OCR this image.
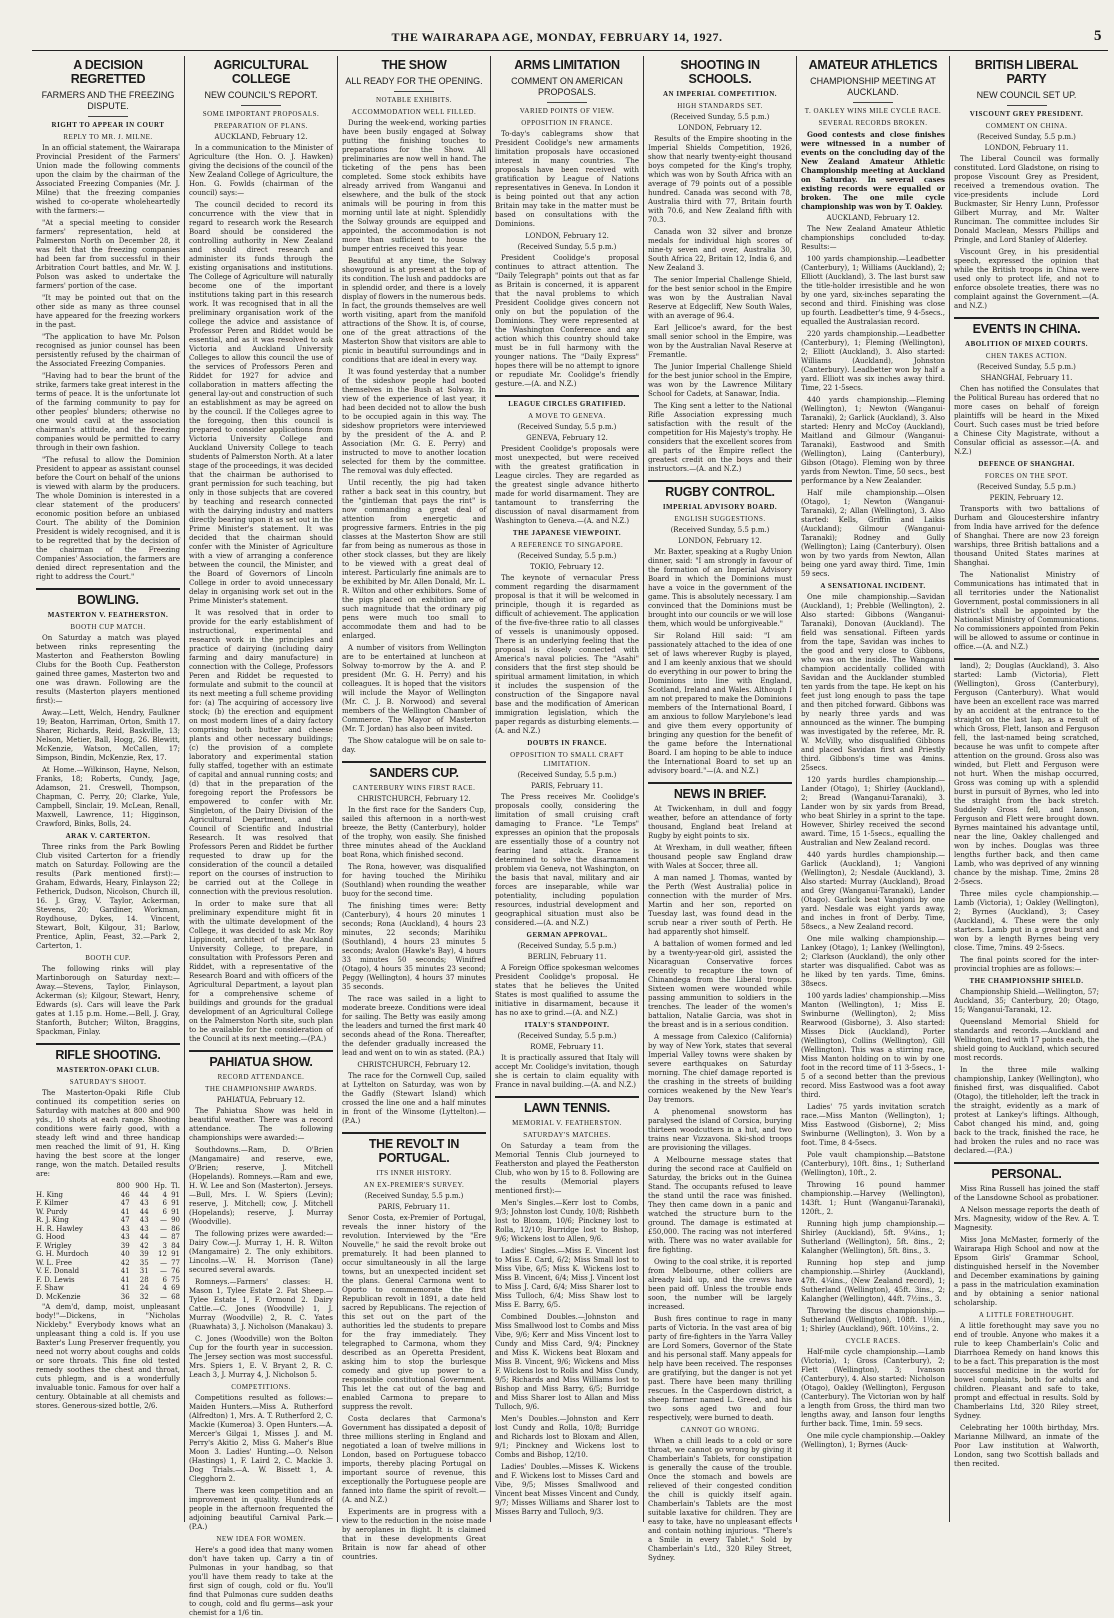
THE WAIRARAPA AGE, MONDAY, FEBRUARY 14, 1927.	5
A DECISION REGRETTED
FARMERS AND THE FREEZING DISPUTE.
RIGHT TO APPEAR IN COURT
REPLY TO MR. J. MILNE.

In an official statement, the Wairarapa Provincial President of the Farmers' Union made the following comments upon the claim by the chairman of the Associated Freezing Companies (Mr. J. Milne) that the freezing companies wished to co-operate wholeheartedly with the farmers:—

"At a special meeting to consider farmers' representation, held at Palmerston North on December 28, it was felt that the freezing companies had been far from successful in their Arbitration Court battles, and Mr. W. J. Polson was asked to undertake the farmers' portion of the case.

"It may be pointed out that on the other side as many as three counsel have appeared for the freezing workers in the past.

"The application to have Mr. Polson recognised as junior counsel has been persistently refused by the chairman of the Associated Freezing Companies.

"Having had to bear the brunt of the strike, farmers take great interest in the terms of peace. It is the unfortunate lot of the farming community to pay for other peoples' blunders; otherwise no one would cavil at the association chairman's attitude, and the freezing companies would be permitted to carry through in their own fashion.

"The refusal to allow the Dominion President to appear as assistant counsel before the Court on behalf of the unions is viewed with alarm by the producers. The whole Dominion is interested in a clear statement of the producers' economic position before an unbiased Court. The ability of the Dominion President is widely recognised, and it is to be regretted that by the decision of the chairman of the Freezing Companies' Association, the farmers are denied direct representation and the right to address the Court."

BOWLING.
MASTERTON V. FEATHERSTON.
BOOTH CUP MATCH.

On Saturday a match was played between rinks representing the Masterton and Featherston Bowling Clubs for the Booth Cup. Featherston gained three games, Masterton two and one was drawn. Following are the results (Masterton players mentioned first):—

Away.—Lett, Welch, Hendry, Faulkner 19; Beaton, Harriman, Orton, Smith 17. Sharer, Richards, Reid, Baskville, 13; Nelson, Metier, Ball, Hogg, 26. Blewitt, McKenzie, Watson, McCallen, 17; Simpson, Bindin, McKenzie, Rex, 17.

At Home.—Wilkinson, Hayne, Nelson, Franks, 18; Roberts, Cundy, Jage, Adamson, 21. Creswell, Thompson, Chapman, C. Perry, 20; Clarke, Yule, Campbell, Sinclair, 19. McLean, Renall, Maxwell, Lawrence, 11; Higginson, Crawford, Binks, Bolls, 24.

ARAK V. CARTERTON.

Three rinks from the Park Bowling Club visited Carterton for a friendly match on Saturday. Following are the results (Park mentioned first):— Graham, Edwards, Heary, Finlayson 22; Fetherick, Dudson, Nicolson, Church ill, 16. J. Gray, V. Taylor, Ackerman, Stevens, 20; Gardiner, Workman, Roydhouse, Dykes, 14. Vincent, Stewart, Bolt, Kilgour, 31; Barlow, Prentice, Aplin, Feast, 32.—Park 2, Carterton, 1.

BOOTH CUP.

The following rinks will play Martinborough on Saturday next:— Away.—Stevens, Taylor, Finlayson, Ackerman (s); Kilgour, Stewart, Henry, Edwards (s). Cars will leave the Park gates at 1.15 p.m. Home.—Bell, J. Gray, Stanforth, Butcher; Wilton, Braggins, Spackman, Finlay.

RIFLE SHOOTING.
MASTERTON-OPAKI CLUB.
SATURDAY'S SHOOT.

The Masterton-Opaki Rifle Club continued its competition series on Saturday with matches at 800 and 900 yds., 10 shots at each range. Shooting conditions were fairly good, with a steady left wind and three handicap men reached the limit of 91, H. King having the best score at the longer range, won the match. Detailed results are:

	800	900	Hp.	Tl.
H. King	46	44	4	91
F. Kilmer	47	43	6	91
W. Purdy	41	44	6	91
R. J. King	47	43	—	90
H. R. Hawley	43	43	—	86
G. Hood	43	44	—	87
F. Wrigley	39	42	3	84
G. H. Murdoch	40	39	12	91
W. L. Free	42	35	—	77
V. E. Donald	41	31	—	76
F. D. Lewis	41	28	6	75
F. Shaw	41	24	4	69
D. McKenzie	36	32	—	68

"A dem'd, damp, moist, unpleasant body!"—Dickens, in "Nicholas Nickleby." Everybody knows what an unpleasant thing a cold is. If you use Baxter's Lung Preserver frequently, you need not worry about coughs and colds or sore throats. This fine old tested remedy soothes the chest and throat, cuts phlegm, and is a wonderfully invaluable tonic. Famous for over half a century. Obtainable at all chemists and stores. Generous-sized bottle, 2/6.

AGRICULTURAL COLLEGE
NEW COUNCIL'S REPORT.
SOME IMPORTANT PROPOSALS.
PREPARATION OF PLANS.

AUCKLAND, February 12.

In a communication to the Minister of Agriculture (the Hon. O. J. Hawken) giving the decisions of the council of the New Zealand College of Agriculture, the Hon. G. Fowlds (chairman of the council) says:—

The council decided to record its concurrence with the view that in regard to research work the Research Board should be considered the controlling authority in New Zealand and should direct research and administer its funds through the existing organisations and institutions. The College of Agriculture will naturally become one of the important institutions taking part in this research work. It was recognised that in all the preliminary organisation work of the college the advice and assistance of Professor Peren and Riddet would be essential, and as it was resolved to ask Victoria and Auckland University Colleges to allow this council the use of the services of Professors Peren and Riddet for 1927 for advice and collaboration in matters affecting the general lay-out and construction of such an establishment as may be agreed on by the council. If the Colleges agree to the foregoing, then this council is prepared to consider applications from Victoria University College and Auckland University College to teach students of Palmerston North. At a later stage of the proceedings, it was decided that the chairman be authorised to grant permission for such teaching, but only in those subjects that are covered by teaching and research connected with the dairying industry and matters directly bearing upon it as set out in the Prime Minister's statement. It was decided that the chairman should confer with the Minister of Agriculture with a view of arranging a conference between the council, the Minister, and the Board of Governors of Lincoln College in order to avoid unnecessary delay in organising work set out in the Prime Minister's statement.

It was resolved that in order to provide for the early establishment of instructional, experimental and research work in the principles and practice of dairying (including dairy farming and dairy manufacture) in connection with the College, Professors Peren and Riddet be requested to formulate and submit to the council at its next meeting a full scheme providing for: (a) The acquiring of accessory live stock; (b) the erection and equipment on most modern lines of a dairy factory comprising both butter and cheese plants and other necessary buildings; (c) the provision of a complete laboratory and experimental station fully staffed, together with an estimate of capital and annual running costs; and (d) that in the preparation of the foregoing report the Professors be empowered to confer with Mr. Singleton, of the Dairy Division of the Agricultural Department, and the Council of Scientific and Industrial Research. It was resolved that Professors Peren and Riddet be further requested to draw up for the consideration of the council a detailed report on the courses of instruction to be carried out at the College in connection with the previous resolution.

In order to make sure that all preliminary expenditure might fit in with the ultimate development of the College, it was decided to ask Mr. Roy Lippincott, architect of the Auckland University College, to prepare, in consultation with Professors Peren and Riddet, with a representative of the Research Board and with officers of the Agricultural Department, a layout plan for a comprehensive scheme of buildings and grounds for the gradual development of an Agricultural College on the Palmerston North site, such plan to be available for the consideration of the Council at its next meeting.—(P.A.)

PAHIATUA SHOW.
RECORD ATTENDANCE.
THE CHAMPIONSHIP AWARDS.

PAHIATUA, February 12.

The Pahiatua Show was held in beautiful weather. There was a record attendance. The following championships were awarded:—

Southdowns.—Ram, D. O'Brien (Mangamaire) and reserve, ewe, O'Brien; reserve, J. Mitchell (Hopelands). Romneys.—Ram and ewe, H. W. Lee and Son (Masterton). Jerseys.—Bull, Mrs. I. W. Spiers (Levin); reserve, J. Mitchell; cow, J. Mitchell (Hopelands); reserve, J. Murray (Woodville).

The following prizes were awarded:— Dairy Cow.—J. Murray 1, H. R. Wilton (Mangamaire) 2. The only exhibitors. Lincolns.—W. H. Morrison (Tane) secured several awards.

Romneys.—Farmers' classes: H. Mason 1, Tylee Estate 2. Fat Sheep.—Tylee Estate 1, F. Ormond 2. Dairy Cattle.—C. Jones (Woodville) 1, J. Murray (Woodville) 2, R. C. Yates (Ruawhata) 3, J. Nicholson (Manakau) 3.

C. Jones (Woodville) won the Bolton Cup for the fourth year in succession. The Jersey section was most successful. Mrs. Spiers 1, E. V. Bryant 2, R. C. Leach 3, J. Murray 4, J. Nicholson 5.

COMPETITIONS.

Competitions resulted as follows:— Maiden Hunters.—Miss A. Rutherford (Alfredton) 1, Mrs. A. T. Rutherford 2, C. Mackie (Kumeroa) 3. Open Hunters.—A. Mercer's Gilgai 1, Misses J. and M. Perry's Akitio 2, Miss G. Maher's Blue Moon 3. Ladies' Hunting.—O. Nelson (Hastings) 1, F. Laird 2, C. Mackie 3. Dog Trials.—A. W. Bissett 1, A. Clegghorn 2.

There was keen competition and an improvement in quality. Hundreds of people in the afternoon frequented the adjoining beautiful Carnival Park.—(P.A.)

NEW IDEA FOR WOMEN.

Here's a good idea that many women don't have taken up. Carry a tin of Pulmonas in your handbag, so that you'll have them ready to take at the first sign of cough, cold or flu. You'll find that Pulmonas cure sudden deaths to cough, cold and flu germs—ask your chemist for a 1/6 tin.

THE SHOW
ALL READY FOR THE OPENING.
NOTABLE EXHIBITS.
ACCOMMODATION WELL FILLED.

During the week-end, working parties have been busily engaged at Solway putting the finishing touches to preparations for the Show. All preliminaries are now well in hand. The ticketing of the pens has been completed. Some stock exhibits have already arrived from Wanganui and elsewhere, and the bulk of the stock animals will be pouring in from this morning until late at night. Splendidly the Solway grounds are equipped and appointed, the accommodation is not more than sufficient to house the bumper entries received this year.

Beautiful at any time, the Solway showground is at present at the top of its condition. The lush and paddocks are in splendid order, and there is a lovely display of flowers in the numerous beds. In fact, the grounds themselves are well worth visiting, apart from the manifold attractions of the Show. It is, of course, one of the great attractions of the Masterton Show that visitors are able to picnic in beautiful surroundings and in conditions that are ideal in every way.

It was found yesterday that a number of the sideshow people had booted themselves in the Bush at Solway. In view of the experience of last year, it had been decided not to allow the bush to be occupied again in this way. The sideshow proprietors were interviewed by the president of the A. and P. Association (Mr. G. E. Perry) and instructed to move to another location selected for them by the committee. The removal was duly effected.

Until recently, the pig had taken rather a back seat in this country, but the "gintleman that pays the rint" is now commanding a great deal of attention from energetic and progressive farmers. Entries in the pig classes at the Masterton Show are still far from being as numerous as those in other stock classes, but they are likely to be viewed with a great deal of interest. Particularly fine animals are to be exhibited by Mr. Allen Donald, Mr. L. R. Wilton and other exhibitors. Some of the pigs placed on exhibition are of such magnitude that the ordinary pig pens were much too small to accommodate them and had to be enlarged.

A number of visitors from Wellington are to be entertained at luncheon at Solway to-morrow by the A. and P. president (Mr. G. H. Perry) and his colleagues. It is hoped that the visitors will include the Mayor of Wellington (Mr. C. J. B. Norwood) and several members of the Wellington Chamber of Commerce. The Mayor of Masterton (Mr. T. Jordan) has also been invited.

The Show catalogue will be on sale to-day.

SANDERS CUP.
CANTERBURY WINS FIRST RACE.

CHRISTCHURCH, February 12.

In the first race for the Sanders Cup, sailed this afternoon in a north-west breeze, the Betty (Canterbury), holder of the trophy, won easily. She finished three minutes ahead of the Auckland boat Rona, which finished second.

The Rona, however, was disqualified for having touched the Mirihiku (Southland) when rounding the weather buoy for the second time.

The finishing times were: Betty (Canterbury), 4 hours 20 minutes 1 seconds; Rona (Auckland), 4 hours 23 minutes, 22 seconds; Marihiku (Southland), 4 hours 23 minutes 5 seconds; Avalon (Hawke's Bay), 4 hours 33 minutes 50 seconds; Winifred (Otago), 4 hours 35 minutes 23 second; Peggy (Wellington), 4 hours 37 minutes 35 seconds.

The race was sailed in a light to moderate breeze. Conditions were ideal for sailing. The Betty was easily among the leaders and turned the first mark 40 seconds ahead of the Rona. Thereafter, the defender gradually increased the lead and went on to win as stated. (P.A.)

CHRISTCHURCH, February 12.

The race for the Cornwell Cup, sailed at Lyttelton on Saturday, was won by the Gadfly (Stewart Island) which crossed the line one and a half minutes in front of the Winsome (Lyttelton).—(P.A.)

THE REVOLT IN PORTUGAL.
ITS INNER HISTORY.
AN EX-PREMIER'S SURVEY.

(Received Sunday, 5.5 p.m.)

PARIS, February 11.

Senor Costa, ex-Premier of Portugal, reveals the inner history of the revolution. Interviewed by the "Ere Nouvelle," he said the revolt broke out prematurely. It had been planned to occur simultaneously in all the large towns, but an unexpected incident set the plans. General Carmona went to Oporto to commemorate the first Republican revolt in 1891, a date held sacred by Republicans. The rejection of this set out on the part of the authorities led the students to prepare for the fray immediately. They telegraphed to Carmona, whom they described as an Operetta President, asking him to stop the burlesque comedy and give up power to a responsible constitutional Government. This let the cat out of the bag and enabled Carmona to prepare to suppress the revolt.

Costa declares that Carmona's Government has dissipated a deposit of three millions sterling in England and negotiated a loan of twelve millions in London, based on Portuguese tobacco imports, thereby placing Portugal on important source of revenue, this exceptionally the Portuguese people are fanned into flame the spirit of revolt.—(A. and N.Z.)

Experiments are in progress with a view to the reduction in the noise made by aeroplanes in flight. It is claimed that in these developments Great Britain is now far ahead of other countries.

ARMS LIMITATION
COMMENT ON AMERICAN PROPOSALS.
VARIED POINTS OF VIEW.
OPPOSITION IN FRANCE.

To-day's cablegrams show that President Coolidge's new armaments limitation proposals have occasioned interest in many countries. The proposals have been received with gratification by League of Nations representatives in Geneva. In London it is being pointed out that any action Britain may take in the matter must be based on consultations with the Dominions.

LONDON, February 12.

(Received Sunday, 5.5 p.m.)

President Coolidge's proposal continues to attract attention. The "Daily Telegraph" points out that as far as Britain is concerned, it is apparent that the naval problems to which President Coolidge gives concern not only on but the population of the Dominions. They were represented at the Washington Conference and any action which this country should take must be in full harmony with the younger nations. The "Daily Express" hopes there will be no attempt to ignore or repudiate Mr. Coolidge's friendly gesture.—(A. and N.Z.)

LEAGUE CIRCLES GRATIFIED.
A MOVE TO GENEVA.

(Received Sunday, 5.5 p.m.)

GENEVA, February 12.

President Coolidge's proposals were most unexpected, but were received with the greatest gratification in League circles. They are regarded as the greatest single advance hitherto made for world disarmament. They are tantamount to transferring the discussion of naval disarmament from Washington to Geneva.—(A. and N.Z.)

THE JAPANESE VIEWPOINT.
A REFERENCE TO SINGAPORE.

(Received Sunday, 5.5 p.m.)

TOKIO, February 12.

The keynote of vernacular Press comment regarding the disarmament proposal is that it will be welcomed in principle, though it is regarded as difficult of achievement. The application of the five-five-three ratio to all classes of vessels is unanimously opposed. There is an underlying feeling that the proposal is closely connected with America's naval policies. The "Asahi" considers that the first step should be spiritual armament limitation, in which it includes the suspension of the construction of the Singapore naval base and the modification of American immigration legislation, which the paper regards as disturbing elements.—(A. and N.Z.)

DOUBTS IN FRANCE.
OPPOSITION TO SMALL CRAFT LIMITATION.

(Received Sunday, 5.5 p.m.)

PARIS, February 11.

The Press receives Mr. Coolidge's proposals coolly, considering the limitation of small cruising craft damaging to France. "Le Temps" expresses an opinion that the proposals are essentially those of a country not fearing land attack. France is determined to solve the disarmament problem via Geneva, not Washington, on the basis that naval, military and air forces are inseparable, while war potentiality, including population resources, industrial development and geographical situation must also be considered.—(A. and N.Z.)

GERMAN APPROVAL.

(Received Sunday, 5.5 p.m.)

BERLIN, February 11.

A Foreign Office spokesman welcomes President Coolidge's proposal. He states that he believes the United States is most qualified to assume the initiative in disarmament, because it has no axe to grind.—(A. and N.Z.)

ITALY'S STANDPOINT.

(Received Sunday, 5.5 p.m.)

ROME, February 11.

It is practically assured that Italy will accept Mr. Coolidge's invitation, though she is certain to claim equality with France in naval building.—(A. and N.Z.)

LAWN TENNIS.
MEMORIAL V. FEATHERSTON.
SATURDAY'S MATCHES.

On Saturday a team from the Memorial Tennis Club journeyed to Featherston and played the Featherston Club, who won by 15 to 8. Following are the results (Memorial players mentioned first):—

Men's Singles.—Kerr lost to Combs, 9/3; Johnston lost Cundy, 10/8; Rishbeth lost to Bloxam, 10/6; Pinckney lost to Rolla, 12/10; Burridge lost to Bishop, 9/6; Wickens lost to Allen, 9/6.

Ladies' Singles.—Miss E. Vincent lost to Miss E. Card, 6/2; Miss Small lost to Miss Vibe, 6/5; Miss K. Wickens lost to Miss B. Vincent, 6/4; Miss J. Vincent lost to Miss J. Card, 6/4; Miss Sharer lost to Miss Tulloch, 6/4; Miss Shaw lost to Miss E. Barry, 6/5.

Combined Doubles.—Johnston and Miss Smallwood lost to Combs and Miss Vibe, 9/6; Kerr and Miss Vincent lost to Cundy and Miss Card, 9/4; Pinckney and Miss K. Wickens beat Bloxam and Miss B. Vincent, 9/6; Wickens and Miss F. Wickens lost to Rolls and Miss Cundy, 9/5; Richards and Miss Williams lost to Bishop and Miss Barry, 6/5; Burridge and Miss Sharer lost to Allan and Miss Tulloch, 9/6.

Men's Doubles.—Johnston and Kerr lost Cundy and Rolla, 10/8; Burridge and Richards lost to Bloxam and Allen, 9/1; Pinckney and Wickens lost to Combs and Bishop, 12/10.

Ladies' Doubles.—Misses K. Wickens and F. Wickens lost to Misses Card and Vibe, 9/5; Misses Smallwood and Vincent beat Misses Vincent and Cundy, 9/7; Misses Williams and Sharer lost to Misses Barry and Tulloch, 9/3.

SHOOTING IN SCHOOLS.
AN IMPERIAL COMPETITION.
HIGH STANDARDS SET.

(Received Sunday, 5.5 p.m.)

LONDON, February 12.

Results of the Empire shooting in the Imperial Shields Competition, 1926, show that nearly twenty-eight thousand boys competed for the King's trophy, which was won by South Africa with an average of 79 points out of a possible hundred. Canada was second with 78, Australia third with 77, Britain fourth with 70.6, and New Zealand fifth with 70.3.

Canada won 32 silver and bronze medals for individual high scores of nine-ty seven and over, Australia 30, South Africa 22, Britain 12, India 6, and New Zealand 3.

The senior Imperial Challenge Shield, for the best senior school in the Empire was won by the Australian Naval Reserve at Edgecliff, New South Wales, with an average of 96.4.

Earl Jellicoe's award, for the best small senior school in the Empire, was won by the Australian Naval Reserve at Fremantle.

The Junior Imperial Challenge Shield for the best junior school in the Empire, was won by the Lawrence Military School for Cadets, at Sanawar, India.

The King sent a letter to the National Rifle Association expressing much satisfaction with the result of the competition for His Majesty's trophy. He considers that the excellent scores from all parts of the Empire reflect the greatest credit on the boys and their instructors.—(A. and N.Z.)

RUGBY CONTROL.
IMPERIAL ADVISORY BOARD.
ENGLISH SUGGESTIONS.

(Received Sunday, 5.5 p.m.)

LONDON, February 12.

Mr. Baxter, speaking at a Rugby Union dinner, said: "I am strongly in favour of the formation of an Imperial Advisory Board in which the Dominions must have a voice in the government of the game. This is absolutely necessary. I am convinced that the Dominions must be brought into our councils or we will lose them, which would be unforgiveable."

Sir Roland Hill said: "I am passionately attached to the idea of one set of laws wherever Rugby is played, and I am keenly anxious that we should do everything in our power to bring the Dominions into line with England, Scotland, Ireland and Wales. Although I am not prepared to make the Dominions members of the International Board, I am anxious to follow Marylebone's lead and give them every opportunity of bringing any question for the benefit of the game before the International Board. I am hoping to be able to induce the International Board to set up an advisory board."—(A. and N.Z.)

NEWS IN BRIEF.

At Twickenham, in dull and foggy weather, before an attendance of forty thousand, England beat Ireland at Rugby by eight points to six.

At Wrexham, in dull weather, fifteen thousand people saw England draw with Wales at Soccer, three all.

A man named J. Thomas, wanted by the Perth (West Australia) police in connection with the murder of Mrs. Martin and her son, reported on Tuesday last, was found dead in the scrub near a river south of Perth. He had apparently shot himself.

A battalion of women formed and led by a twenty-year-old girl, assisted the Nicaraguan Conservative forces recently to recapture the town of Chinandega from the Liberal troops. Sixteen women were wounded while passing ammunition to soldiers in the trenches. The leader of the women's battalion, Natalie Garcia, was shot in the breast and is in a serious condition.

A message from Calexico (California) by way of New York, states that several Imperial Valley towns were shaken by severe earthquakes on Saturday morning. The chief damage reported is the crashing in the streets of building cornices weakened by the New Year's Day tremors.

A phenomenal snowstorm has paralysed the island of Corsica, burying thirteen woodcutters in a hut, and two trains near Vizzavona. Ski-shod troops are provisioning the villages.

A Melbourne message states that during the second race at Caulfield on Saturday, the bricks out in the Guinea Stand. The occupants refused to leave the stand until the race was finished. They then came down in a panic and watched the structure burn to the ground. The damage is estimated at £50,000. The racing was not interfered with. There was no water available for fire fighting.

Owing to the coal strike, it is reported from Melbourne, other colliers are already laid up, and the crews have been paid off. Unless the trouble ends soon, the number will be largely increased.

Bush fires continue to rage in many parts of Victoria. In the vast area of big party of fire-fighters in the Yarra Valley are Lord Somers, Governor of the State and his personal staff. Many appeals for help have been received. The responses are gratifying, but the danger is not yet past. There have been many thrilling rescues. In the Casperdown district, a sheep farmer named L. Greed, and his two sons aged two and four respectively, were burned to death.

CANNOT GO WRONG.

When a chill leads to a cold or sore throat, we cannot go wrong by giving it Chamberlain's Tablets, for constipation is generally the cause of the trouble. Once the stomach and bowels are relieved of their congested condition the chill is quickly itself again. Chamberlain's Tablets are the most suitable laxative for children. They are easy to take, have no unpleasant effects and contain nothing injurious. "There's a Smile in every Tablet." Sold by Chamberlain's Ltd., 320 Riley Street, Sydney.

AMATEUR ATHLETICS
CHAMPIONSHIP MEETING AT AUCKLAND.
T. OAKLEY WINS MILE CYCLE RACE.
SEVERAL RECORDS BROKEN.

Good contests and close finishes were witnessed in a number of events on the concluding day of the New Zealand Amateur Athletic Championship meeting at Auckland on Saturday. In several cases existing records were equalled or broken. The one mile cycle championship was won by T. Oakley.

AUCKLAND, February 12.

The New Zealand Amateur Athletic championships concluded to-day. Results:—

100 yards championship.—Leadbetter (Canterbury), 1; Williams (Auckland), 2; Elliott (Auckland), 3. The last burst saw the title-holder irresistible and he won by one yard, six-inches separating the second and third. Finishing was close up fourth. Leadbetter's time, 9 4-5secs., equalled the Australasian record.

220 yards championship.—Leadbetter (Canterbury), 1; Fleming (Wellington), 2; Elliott (Auckland), 3. Also started: Williams (Auckland), Johnston (Canterbury). Leadbetter won by half a yard. Elliott was six inches away third. Time, 22 1-5secs.

440 yards championship.—Fleming (Wellington), 1; Newton (Wanganui-Taranaki), 2; Garlick (Auckland), 3. Also started: Henry and McCoy (Auckland), Maitland and Gilmour (Wanganui-Taranaki), Eastwood and Smith (Wellington), Laing (Canterbury), Gibson (Otago). Fleming won by three yards from Newton. Time, 50 secs., best performance by a New Zealander.

Half mile championship.—Olsen (Otago), 1; Newton (Wanganui-Taranaki), 2; Allan (Wellington), 3. Also started: Kells, Griffin and Laikis (Auckland); Gilmour (Wanganui-Taranaki); Rodney and Gully (Wellington); Laing (Canterbury). Olsen won by two yards from Newton, Allan being one yard away third. Time, 1min 59 secs.

A SENSATIONAL INCIDENT.

One mile championship.—Savidan (Auckland), 1; Prebble (Wellington), 2. Also started: Gibbons (Wanganui-Taranaki), Donovan (Auckland). The field was sensational. Fifteen yards from the tape, Savidan was inches to the good and very close to Gibbons, who was on the inside. The Wanganui champion accidentally collided with Savidan and the Aucklander stumbled ten yards from the tape. He kept on his feet just long enough to pass the tape and then pitched forward. Gibbons was by nearly three yards and was announced as the winner. The bumping was investigated by the referee, Mr. R. W. McVilly, who disqualified Gibbons and placed Savidan first and Priestly third. Gibbons's time was 4mins. 25secs.

120 yards hurdles championship.—Lander (Otago), 1; Shirley (Auckland), 2; Bread (Wanganui-Taranaki), 3. Lander won by six yards from Bread, who beat Shirley in a sprint to the tape. However, Shirley received the second award. Time, 15 1-5secs., equalling the Australian and New Zealand record.

440 yards hurdles championship.—Garlick (Auckland), 1; Vangioni (Wellington), 2; Nesdale (Auckland), 3. Also started: Murray (Auckland), Broad and Grey (Wanganui-Taranaki), Lander (Otago). Garlick beat Vangioni by one yard. Nesdale was eight yards away, and inches in front of Derby. Time, 58secs., a New Zealand record.

One mile walking championship.—Lankey (Otago), 1; Lankey (Wellington), 2; Clarkson (Auckland), the only other starter was disqualified. Cabot was as he liked by ten yards. Time, 6mins. 38secs.

100 yards ladies' championship.—Miss Manton (Wellington), 1; Miss E. Swinburne (Wellington), 2; Miss Rearwood (Gisborne), 3. Also started: Misses Dick (Auckland), Porter (Wellington), Collins (Wellington), Gill (Wellington). This was a stirring race, Miss Manton holding on to win by one foot in the record time of 11 3-5secs., 1-5 of a second better than the previous record. Miss Eastwood was a foot away third.

Ladies' 75 yards invitation scratch race.—Miss Manton (Wellington), 1; Miss Eastwood (Gisborne), 2; Miss Swinburne (Wellington), 3. Won by a foot. Time, 8 4-5secs.

Pole vault championship.—Batstone (Canterbury), 10ft. 8ins., 1; Sutherland (Wellington), 10ft., 2.

Throwing 16 pound hammer championship.—Harvey (Wellington), 143ft. 1; Hunt (Wanganui-Taranaki), 120ft., 2.

Running high jump championship.—Shirley (Auckland), 5ft. 9¼ins., 1; Sutherland (Wellington), 5ft. 8ins., 2; Kalangher (Wellington), 5ft. 8ins., 3.

Running hop step and jump championship.—Shirley (Auckland), 47ft. 4¼ins., (New Zealand record), 1; Sutherland (Wellington), 45ft. 3ins., 2; Kalangher (Wellington), 44ft. 7½ins., 3.

Throwing the discus championship.—Sutherland (Wellington), 108ft. 1½in., 1; Shirley (Auckland), 96ft. 10½ins., 2.

CYCLE RACES.

Half-mile cycle championship.—Lamb (Victoria), 1; Gross (Canterbury), 2; Flett (Wellington), 3; Ivanson (Canterbury), 4. Also started: Nicholson (Otago), Oakley (Wellington), Ferguson (Canterbury). The Victorian won by half a length from Gross, the third man two lengths away, and Ianson four lengths further back. Time, 1min. 59 secs.

One mile cycle championship.—Oakley (Wellington), 1; Byrnes (Auck-

BRITISH LIBERAL PARTY
NEW COUNCIL SET UP.
VISCOUNT GREY PRESIDENT.
COMMENT ON CHINA.

(Received Sunday, 5.5 p.m.)

LONDON, February 11.

The Liberal Council was formally constituted. Lord Gladstone, on rising to propose Viscount Grey as President, received a tremendous ovation. The vice-presidents include Lord Buckmaster, Sir Henry Lunn, Professor Gilbert Murray, and Mr. Walter Runciman. The committee includes Sir Donald Maclean, Messrs Phillips and Pringle, and Lord Stanley of Alderley.

Viscount Grey, in his presidential speech, expressed the opinion that while the British troops in China were used only to protect life, and not to enforce obsolete treaties, there was no complaint against the Government.—(A. and N.Z.)

EVENTS IN CHINA.
ABOLITION OF MIXED COURTS.
CHEN TAKES ACTION.

(Received Sunday, 5.5 p.m.)

SHANGHAI, February 11.

Chen has notified the Consulates that the Political Bureau has ordered that no more cases on behalf of foreign plaintiffs will be heard in the Mixed Court. Such cases must be tried before a Chinese City Magistrate, without a Consular official as assessor.—(A. and N.Z.)

DEFENCE OF SHANGHAI.
FORCES ON THE SPOT.

(Received Sunday, 5.5 p.m.)

PEKIN, February 12.

Transports with two battalions of Durham and Gloucestershire infantry from India have arrived for the defence of Shanghai. There are now 23 foreign warships, three British battalions and a thousand United States marines at Shanghai.

The Nationalist Ministry of Communications has intimated that in all territories under the Nationalist Government, postal commissioners in all district's shall be appointed by the Nationalist Ministry of Communications. No commissioners appointed from Pekin will be allowed to assume or continue in office.—(A. and N.Z.)

land), 2; Douglas (Auckland), 3. Also started: Lamb (Victoria), Flett (Wellington), Gross (Canterbury), Ferguson (Canterbury). What would have been an excellent race was marred by an accident at the entrance to the straight on the last lap, as a result of which Gross, Flett, Ianson and Ferguson fell, the last-named being scratched, because he was unfit to compete after attention on the ground. Gross also was winded, but Flett and Ferguson were not hurt. When the mishap occurred, Gross was coming up with a splendid burst in pursuit of Byrnes, who led into the straight from the back stretch. Suddenly Gross fell, and Ianson, Ferguson and Flett were brought down. Byrnes maintained his advantage until, near the line, Oakley challenged and won by inches. Douglas was three lengths further back, and then came Lamb, who was deprived of any winning chance by the mishap. Time, 2mins 28 2-5secs.

Three miles cycle championship.—Lamb (Victoria), 1; Oakley (Wellington), 2; Byrnes (Auckland), 3; Casey (Auckland), 4. These were the only starters. Lamb put in a great burst and won by a length Byrnes being very close. Time, 7mins. 49 2-5secs.

The final points scored for the inter-provincial trophies are as follows:—

THE CHAMPIONSHIP SHIELD.

Championship Shield.—Wellington, 57; Auckland, 35; Canterbury, 20; Otago, 15; Wanganui-Taranaki, 12.

Queensland Memorial Shield for standards and records.—Auckland and Wellington, tied with 17 points each, the shield going to Auckland, which secured most records.

In the three mile walking championship, Lankey (Wellington), who finished first, was disqualified. Cabot (Otago), the titleholder, left the track in the straight, evidently as a mark of protest at Lankey's liftings. Although, Cabot changed his mind, and, going back to the track, finished the race, he had broken the rules and no race was declared.—(P.A.)

PERSONAL.

Miss Rina Russell has joined the staff of the Lansdowne School as probationer.

A Nelson message reports the death of Mrs. Magnesity, widow of the Rev. A. T. Magnesity.

Miss Jona McMaster, formerly of the Wairarapa High School and now at the Epsom Girls' Grammar School, distinguished herself in the November and December examinations by gaining a pass in the matriculation examination and by obtaining a senior national scholarship.

A LITTLE FORETHOUGHT.

A little forethought may save you no end of trouble. Anyone who makes it a rule to keep Chamberlain's Colic and Diarrhoea Remedy on hand knows this to be a fact. This preparation is the most successful medicine in the world for bowel complaints, both for adults and children. Pleasant and safe to take, prompt and effectual in results. Sold by Chamberlains Ltd, 320 Riley street, Sydney.

Celebrating her 100th birthday, Mrs. Marianne Millward, an inmate of the Poor Law institution at Walworth, London, sang two Scottish ballads and then recited.
